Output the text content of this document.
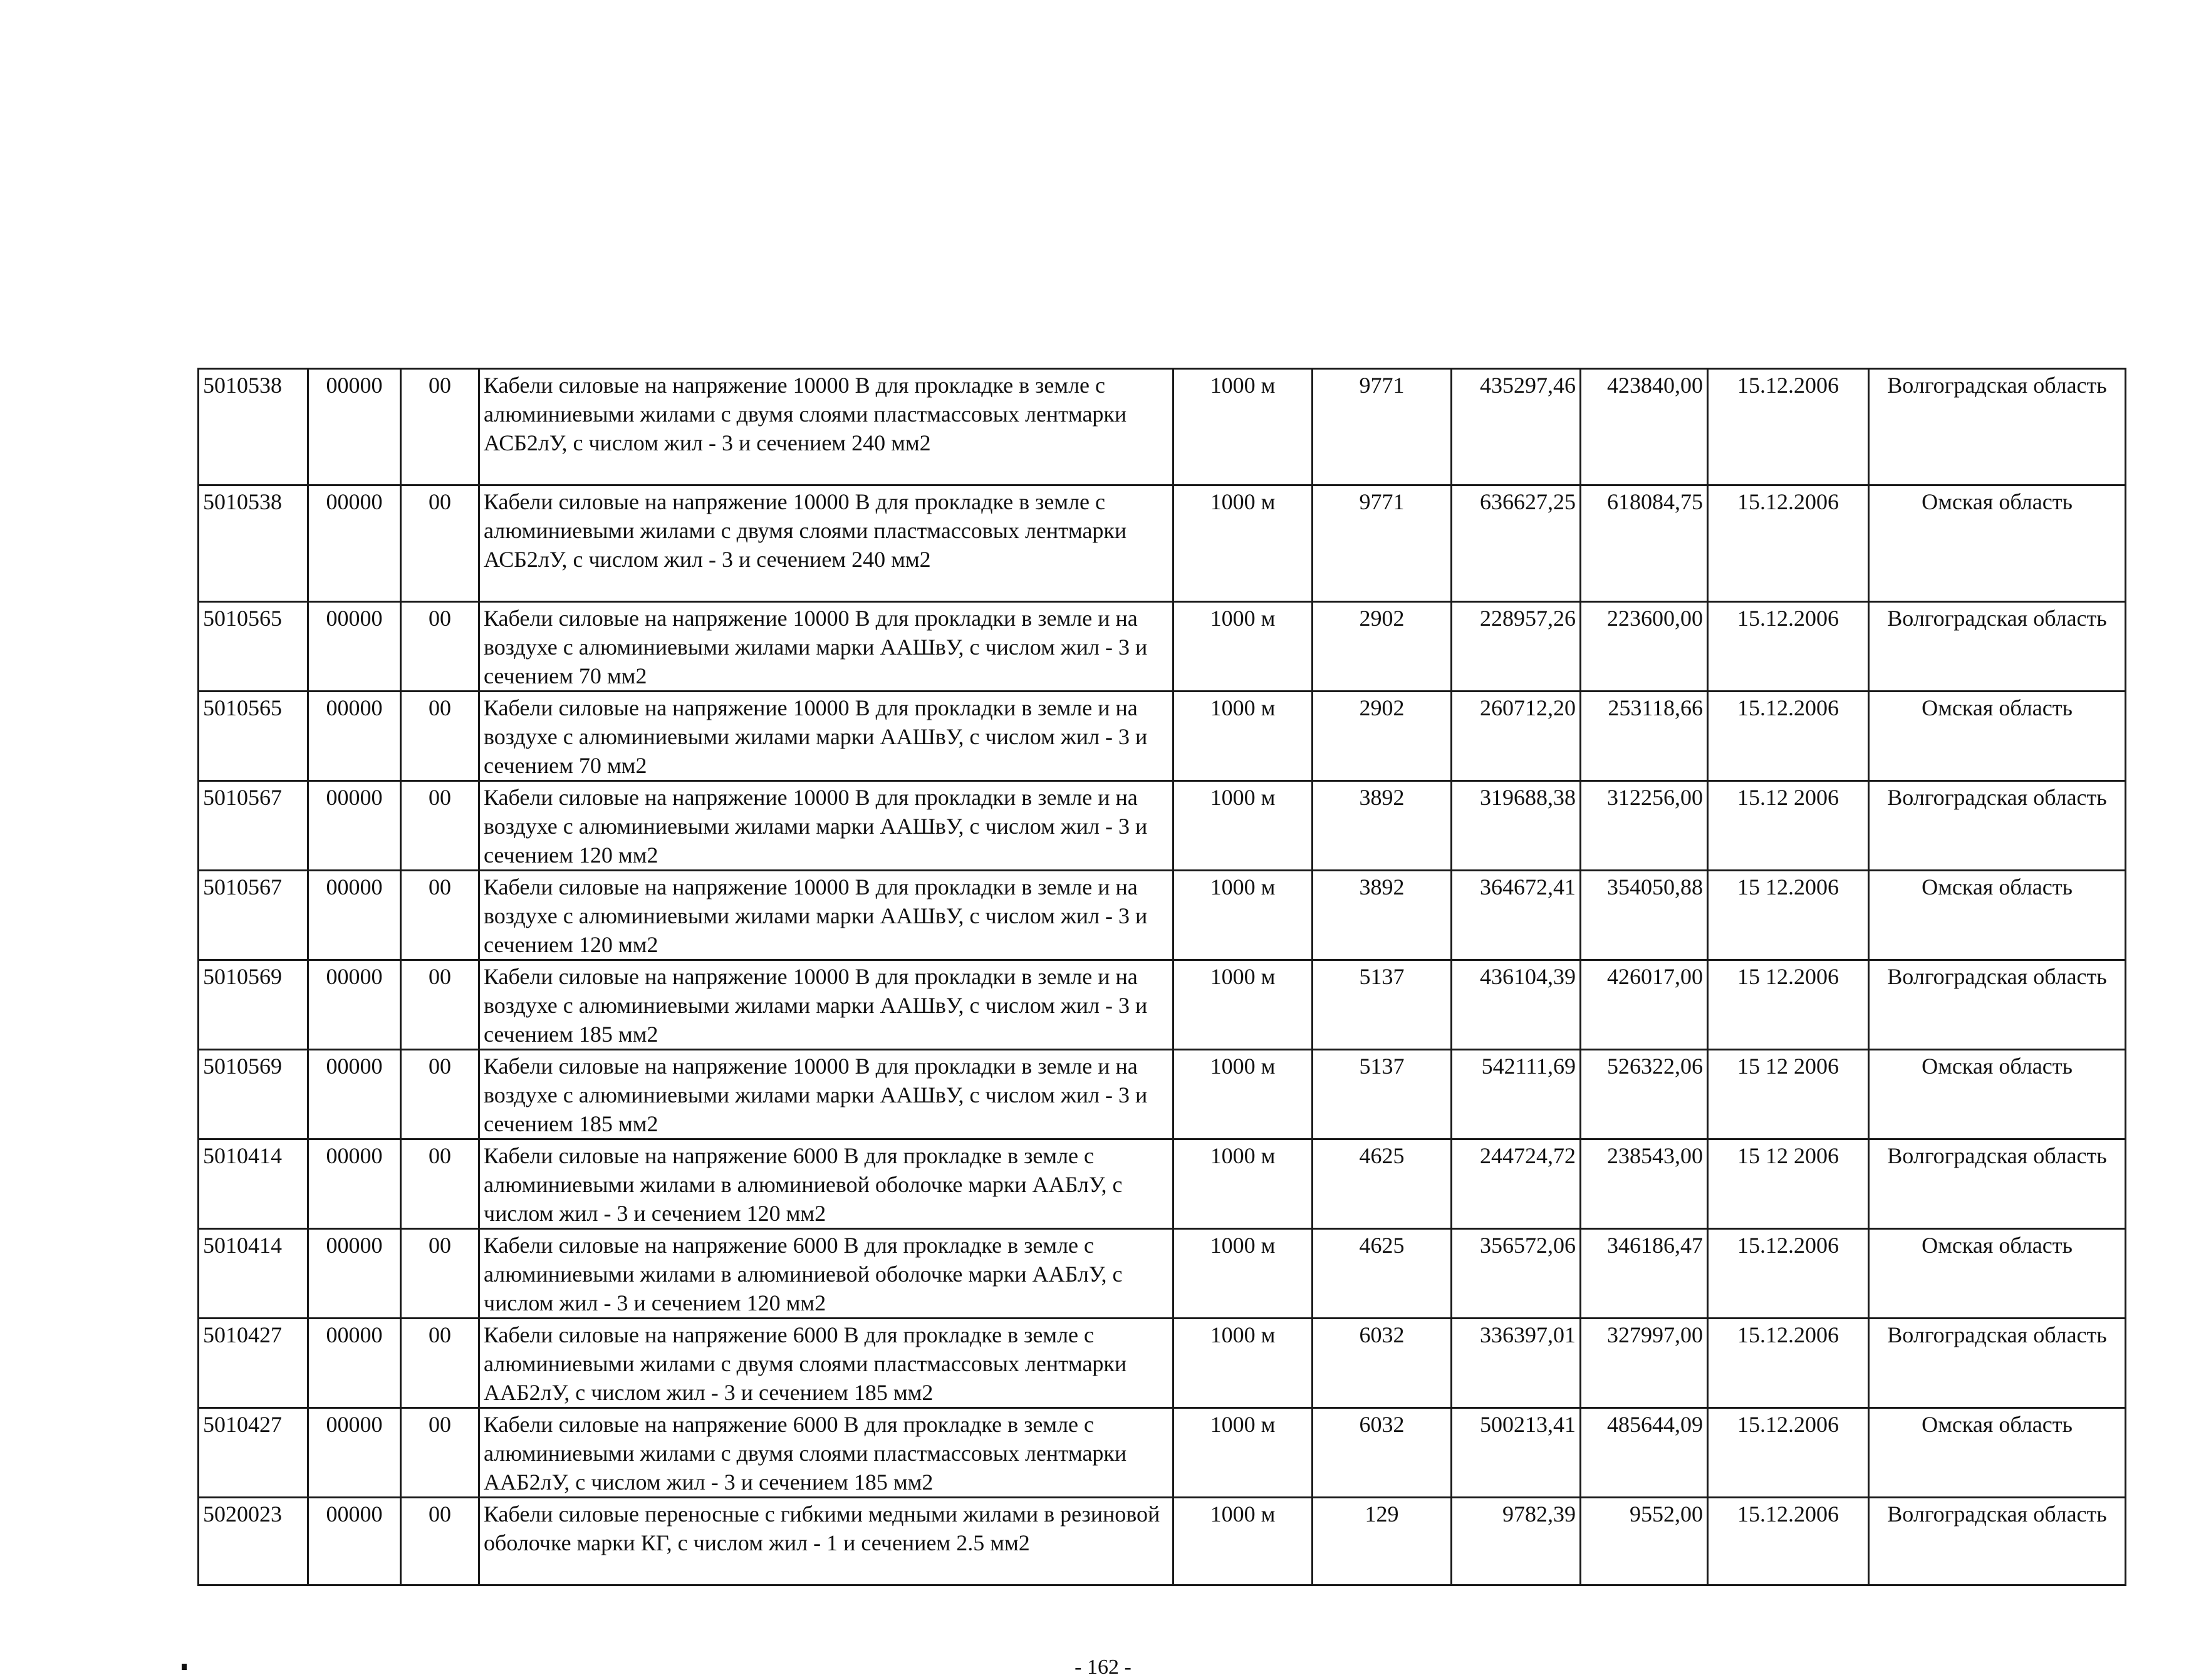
5010538	00000	00	Кабели силовые на напряжение 10000 В для прокладке в земле с алюминиевыми жилами с двумя слоями пластмассовых лентмарки АСБ2лУ, с числом жил - 3 и сечением 240 мм2	1000 м	9771	435297,46	423840,00	15.12.2006	Волгоградская область
5010538	00000	00	Кабели силовые на напряжение 10000 В для прокладке в земле с алюминиевыми жилами с двумя слоями пластмассовых лентмарки АСБ2лУ, с числом жил - 3 и сечением 240 мм2	1000 м	9771	636627,25	618084,75	15.12.2006	Омская область
5010565	00000	00	Кабели силовые на напряжение 10000 В для прокладки в земле и на воздухе с алюминиевыми жилами марки ААШвУ, с числом жил - 3 и сечением 70 мм2	1000 м	2902	228957,26	223600,00	15.12.2006	Волгоградская область
5010565	00000	00	Кабели силовые на напряжение 10000 В для прокладки в земле и на воздухе с алюминиевыми жилами марки ААШвУ, с числом жил - 3 и сечением 70 мм2	1000 м	2902	260712,20	253118,66	15.12.2006	Омская область
5010567	00000	00	Кабели силовые на напряжение 10000 В для прокладки в земле и на воздухе с алюминиевыми жилами марки ААШвУ, с числом жил - 3 и сечением 120 мм2	1000 м	3892	319688,38	312256,00	15.12 2006	Волгоградская область
5010567	00000	00	Кабели силовые на напряжение 10000 В для прокладки в земле и на воздухе с алюминиевыми жилами марки ААШвУ, с числом жил - 3 и сечением 120 мм2	1000 м	3892	364672,41	354050,88	15 12.2006	Омская область
5010569	00000	00	Кабели силовые на напряжение 10000 В для прокладки в земле и на воздухе с алюминиевыми жилами марки ААШвУ, с числом жил - 3 и сечением 185 мм2	1000 м	5137	436104,39	426017,00	15 12.2006	Волгоградская область
5010569	00000	00	Кабели силовые на напряжение 10000 В для прокладки в земле и на воздухе с алюминиевыми жилами марки ААШвУ, с числом жил - 3 и сечением 185 мм2	1000 м	5137	542111,69	526322,06	15 12 2006	Омская область
5010414	00000	00	Кабели силовые на напряжение 6000 В для прокладке в земле с алюминиевыми жилами в алюминиевой оболочке марки ААБлУ, с числом жил - 3 и сечением 120 мм2	1000 м	4625	244724,72	238543,00	15 12 2006	Волгоградская область
5010414	00000	00	Кабели силовые на напряжение 6000 В для прокладке в земле с алюминиевыми жилами в алюминиевой оболочке марки ААБлУ, с числом жил - 3 и сечением 120 мм2	1000 м	4625	356572,06	346186,47	15.12.2006	Омская область
5010427	00000	00	Кабели силовые на напряжение 6000 В для прокладке в земле с алюминиевыми жилами с двумя слоями пластмассовых лентмарки ААБ2лУ, с числом жил - 3 и сечением 185 мм2	1000 м	6032	336397,01	327997,00	15.12.2006	Волгоградская область
5010427	00000	00	Кабели силовые на напряжение 6000 В для прокладке в земле с алюминиевыми жилами с двумя слоями пластмассовых лентмарки ААБ2лУ, с числом жил - 3 и сечением 185 мм2	1000 м	6032	500213,41	485644,09	15.12.2006	Омская область
5020023	00000	00	Кабели силовые переносные с гибкими медными жилами в резиновой оболочке марки КГ, с числом жил - 1 и сечением 2.5 мм2	1000 м	129	9782,39	9552,00	15.12.2006	Волгоградская область
- 162 -
